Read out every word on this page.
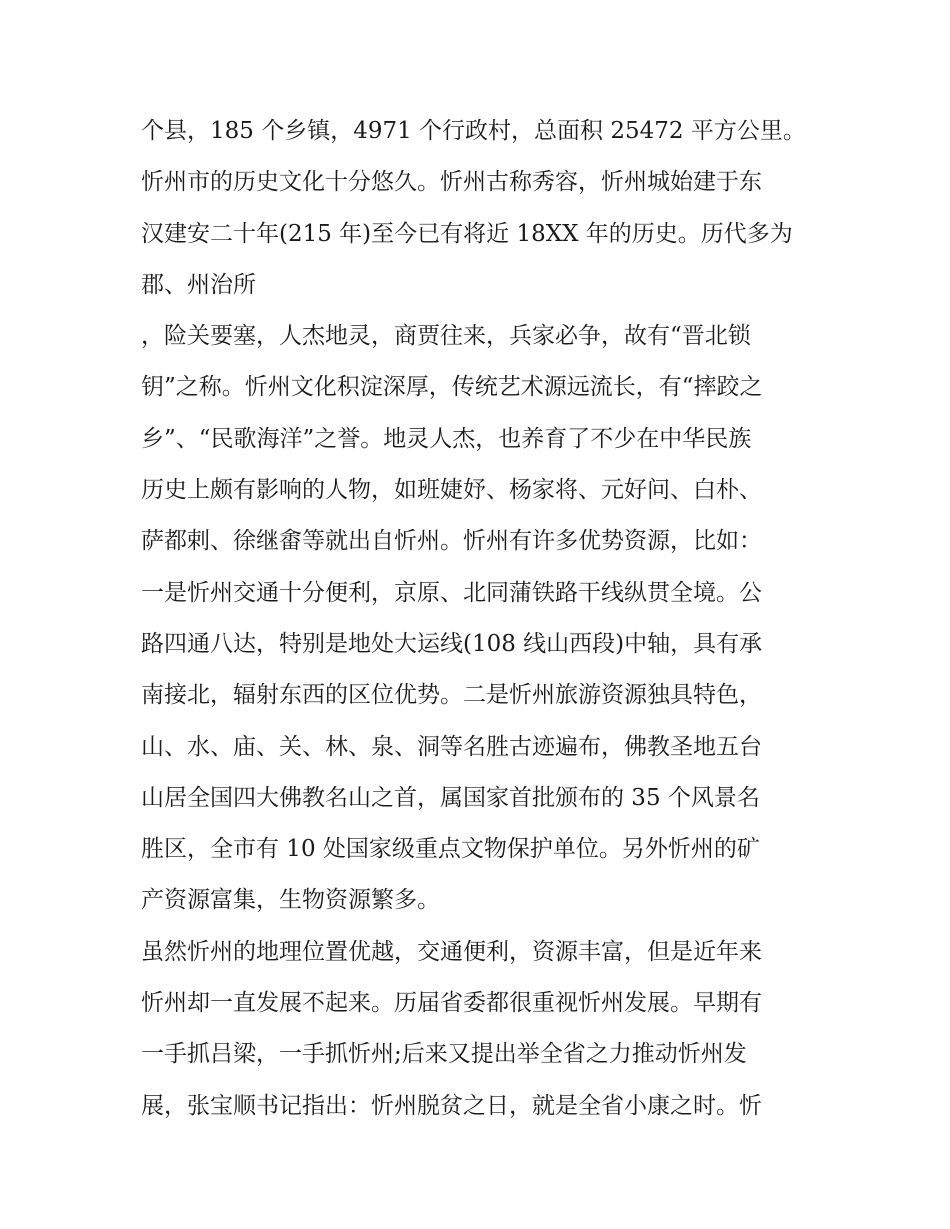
个县，185 个乡镇，4971 个行政村，总面积 25472 平方公里。
忻州市的历史文化十分悠久。忻州古称秀容，忻州城始建于东
汉建安二十年(215 年)至今已有将近 18XX 年的历史。历代多为
郡、州治所
，险关要塞，人杰地灵，商贾往来，兵家必争，故有“晋北锁
钥”之称。忻州文化积淀深厚，传统艺术源远流长，有“摔跤之
乡”、“民歌海洋”之誉。地灵人杰，也养育了不少在中华民族
历史上颇有影响的人物，如班婕妤、杨家将、元好问、白朴、
萨都剌、徐继畬等就出自忻州。忻州有许多优势资源，比如：
一是忻州交通十分便利，京原、北同蒲铁路干线纵贯全境。公
路四通八达，特别是地处大运线(108 线山西段)中轴，具有承
南接北，辐射东西的区位优势。二是忻州旅游资源独具特色，
山、水、庙、关、林、泉、洞等名胜古迹遍布，佛教圣地五台
山居全国四大佛教名山之首，属国家首批颁布的 35 个风景名
胜区，全市有 10 处国家级重点文物保护单位。另外忻州的矿
产资源富集，生物资源繁多。
虽然忻州的地理位置优越，交通便利，资源丰富，但是近年来
忻州却一直发展不起来。历届省委都很重视忻州发展。早期有
一手抓吕梁，一手抓忻州;后来又提出举全省之力推动忻州发
展，张宝顺书记指出：忻州脱贫之日，就是全省小康之时。忻
